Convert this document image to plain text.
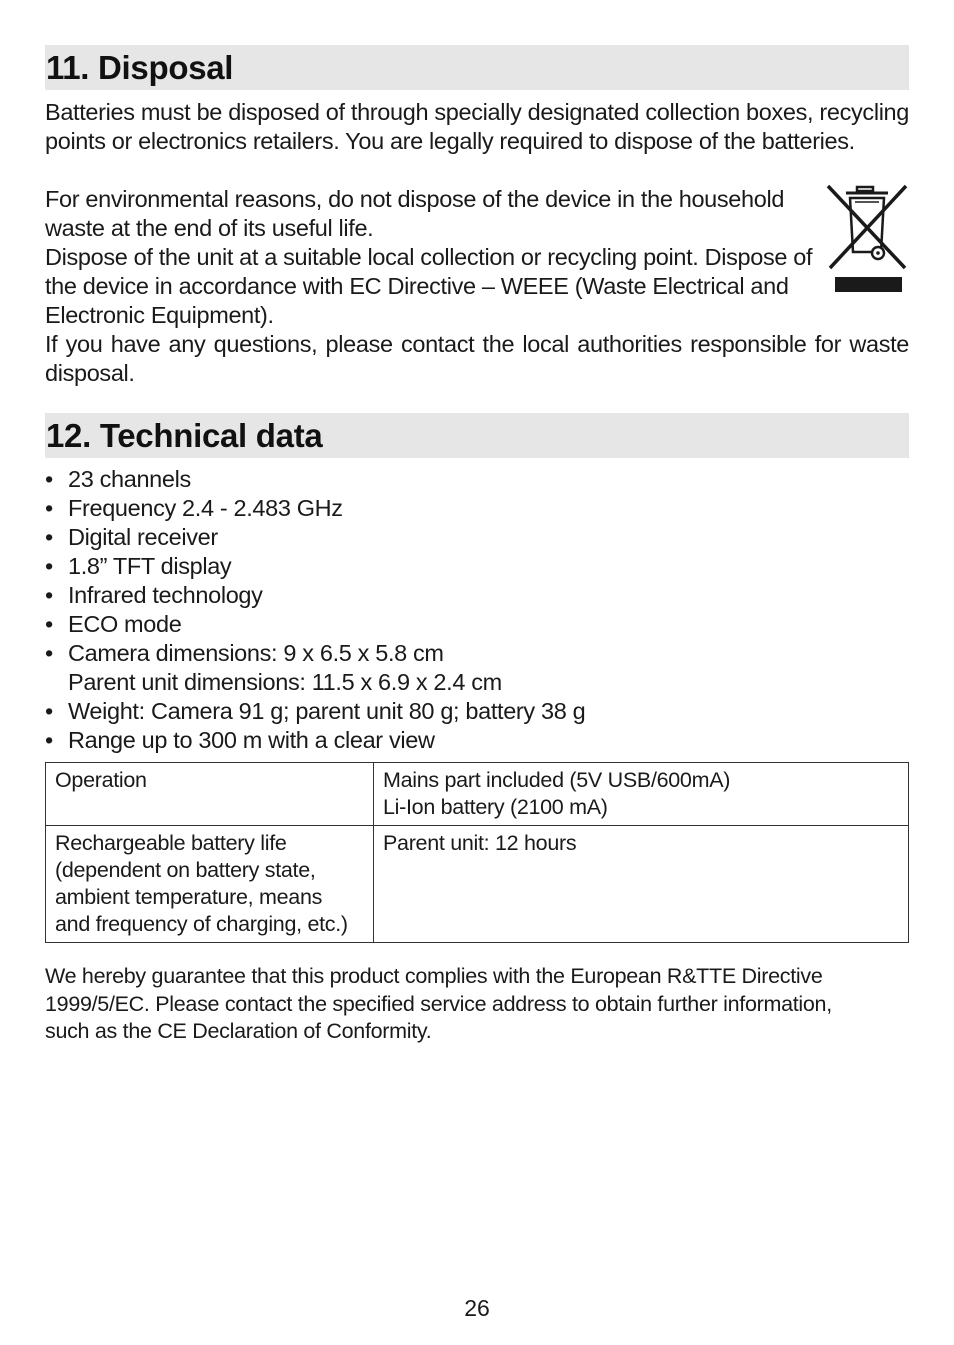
11. Disposal

Batteries must be disposed of through specially designated collection boxes, recycling points or electronics retailers. You are legally required to dispose of the batteries.

For environmental reasons, do not dispose of the device in the household waste at the end of its useful life.

Dispose of the unit at a suitable local collection or recycling point. Dispose of the device in accordance with EC Directive – WEEE (Waste Electrical and Electronic Equipment).

If you have any questions, please contact the local authorities responsible for waste disposal.

12. Technical data
• 23 channels
• Frequency 2.4 - 2.483 GHz
• Digital receiver
• 1.8” TFT display
• Infrared technology
• ECO mode
• Camera dimensions: 9 x 6.5 x 5.8 cm
Parent unit dimensions: 11.5 x 6.9 x 2.4 cm
• Weight: Camera 91 g; parent unit 80 g; battery 38 g
• Range up to 300 m with a clear view
Operation	Mains part included (5V USB/600mA)
Li-Ion battery (2100 mA)

Rechargeable battery life
(dependent on battery state,
ambient temperature, means
and frequency of charging, etc.)	Parent unit: 12 hours
We hereby guarantee that this product complies with the European R&TTE Directive
1999/5/EC. Please contact the specified service address to obtain further information,
such as the CE Declaration of Conformity.
26
